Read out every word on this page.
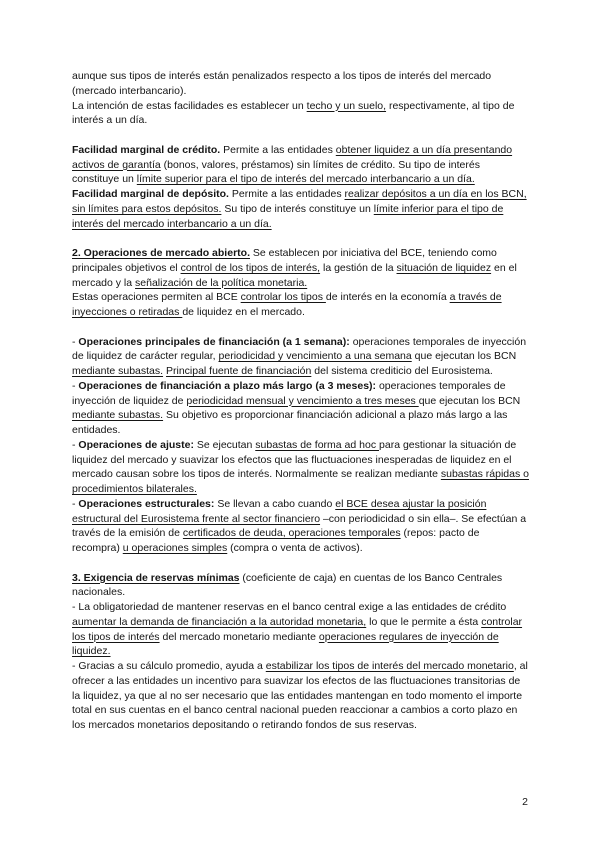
aunque sus tipos de interés están penalizados respecto a los tipos de interés del mercado (mercado interbancario).

La intención de estas facilidades es establecer un techo y un suelo, respectivamente, al tipo de interés a un día.

Facilidad marginal de crédito. Permite a las entidades obtener liquidez a un día presentando activos de garantía (bonos, valores, préstamos) sin límites de crédito. Su tipo de interés constituye un límite superior para el tipo de interés del mercado interbancario a un día.

Facilidad marginal de depósito. Permite a las entidades realizar depósitos a un día en los BCN, sin límites para estos depósitos. Su tipo de interés constituye un límite inferior para el tipo de interés del mercado interbancario a un día.

2. Operaciones de mercado abierto. Se establecen por iniciativa del BCE, teniendo como principales objetivos el control de los tipos de interés, la gestión de la situación de liquidez en el mercado y la señalización de la política monetaria.

Estas operaciones permiten al BCE controlar los tipos de interés en la economía a través de inyecciones o retiradas de liquidez en el mercado.

- Operaciones principales de financiación (a 1 semana): operaciones temporales de inyección de liquidez de carácter regular, periodicidad y vencimiento a una semana que ejecutan los BCN mediante subastas. Principal fuente de financiación del sistema crediticio del Eurosistema.

- Operaciones de financiación a plazo más largo (a 3 meses): operaciones temporales de inyección de liquidez de periodicidad mensual y vencimiento a tres meses que ejecutan los BCN mediante subastas. Su objetivo es proporcionar financiación adicional a plazo más largo a las entidades.

- Operaciones de ajuste: Se ejecutan subastas de forma ad hoc para gestionar la situación de liquidez del mercado y suavizar los efectos que las fluctuaciones inesperadas de liquidez en el mercado causan sobre los tipos de interés. Normalmente se realizan mediante subastas rápidas o procedimientos bilaterales.

- Operaciones estructurales: Se llevan a cabo cuando el BCE desea ajustar la posición estructural del Eurosistema frente al sector financiero –con periodicidad o sin ella–. Se efectúan a través de la emisión de certificados de deuda, operaciones temporales (repos: pacto de recompra) u operaciones simples (compra o venta de activos).

3. Exigencia de reservas mínimas (coeficiente de caja) en cuentas de los Banco Centrales nacionales.

- La obligatoriedad de mantener reservas en el banco central exige a las entidades de crédito aumentar la demanda de financiación a la autoridad monetaria, lo que le permite a ésta controlar los tipos de interés del mercado monetario mediante operaciones regulares de inyección de liquidez.

- Gracias a su cálculo promedio, ayuda a estabilizar los tipos de interés del mercado monetario, al ofrecer a las entidades un incentivo para suavizar los efectos de las fluctuaciones transitorias de la liquidez, ya que al no ser necesario que las entidades mantengan en todo momento el importe total en sus cuentas en el banco central nacional pueden reaccionar a cambios a corto plazo en los mercados monetarios depositando o retirando fondos de sus reservas.

2
